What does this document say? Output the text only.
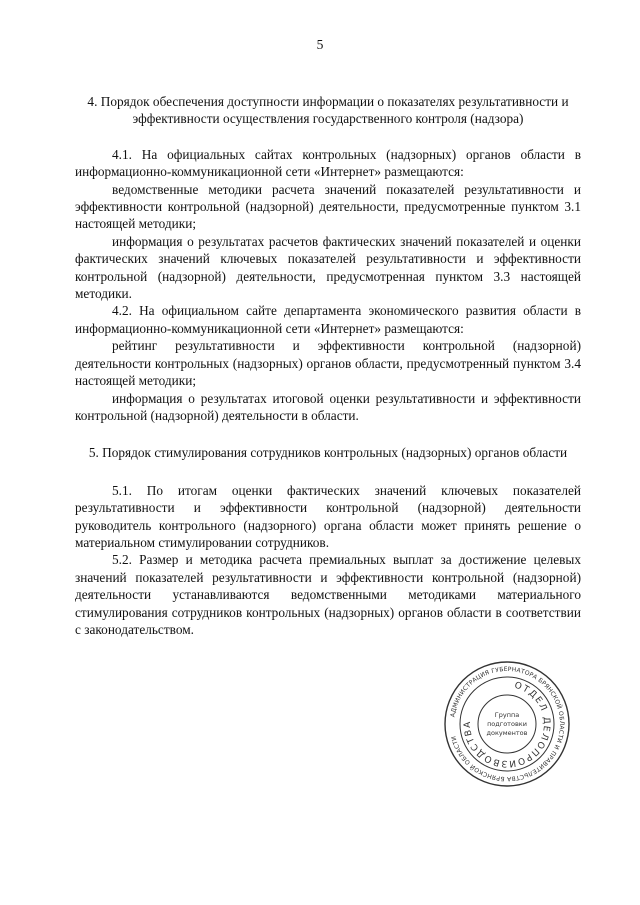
5
4. Порядок обеспечения доступности информации о показателях результативности и эффективности осуществления государственного контроля (надзора)

4.1. На официальных сайтах контрольных (надзорных) органов области в информационно-коммуникационной сети «Интернет» размещаются:

ведомственные методики расчета значений показателей результативности и эффективности контрольной (надзорной) деятельности, предусмотренные пунктом 3.1 настоящей методики;

информация о результатах расчетов фактических значений показателей и оценки фактических значений ключевых показателей результативности и эффективности контрольной (надзорной) деятельности, предусмотренная пунктом 3.3 настоящей методики.

4.2. На официальном сайте департамента экономического развития области в информационно-коммуникационной сети «Интернет» размещаются:

рейтинг результативности и эффективности контрольной (надзорной) деятельности контрольных (надзорных) органов области, предусмотренный пунктом 3.4 настоящей методики;

информация о результатах итоговой оценки результативности и эффективности контрольной (надзорной) деятельности в области.

5. Порядок стимулирования сотрудников контрольных (надзорных) органов области

5.1. По итогам оценки фактических значений ключевых показателей результативности и эффективности контрольной (надзорной) деятельности руководитель контрольного (надзорного) органа области может принять решение о материальном стимулировании сотрудников.

5.2. Размер и методика расчета премиальных выплат за достижение целевых значений показателей результативности и эффективности контрольной (надзорной) деятельности устанавливаются ведомственными методиками материального стимулирования сотрудников контрольных (надзорных) органов области в соответствии с законодательством.

АДМИНИСТРАЦИЯ ГУБЕРНАТОРА БРЯНСКОЙ ОБЛАСТИ И ПРАВИТЕЛЬСТВА БРЯНСКОЙ ОБЛАСТИ
ОТДЕЛ ДЕЛОПРОИЗВОДСТВА
Группа
подготовки
документов
